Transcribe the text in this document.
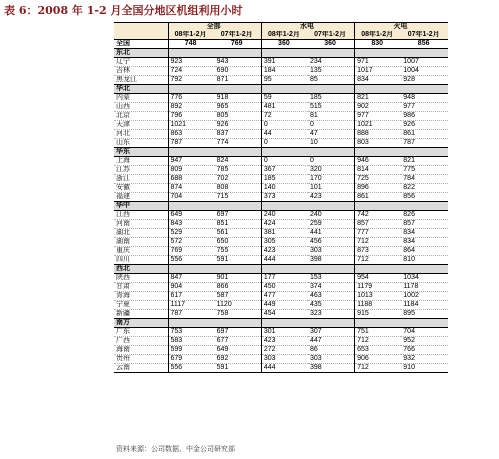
表 6：2008 年 1-2 月全国分地区机组利用小时
	全部		水电		火电	
	08年1-2月	07年1-2月	08年1-2月	07年1-2月	08年1-2月	07年1-2月
全国	748	769	360	360	830	856
东北						
辽宁	923	943	391	234	971	1007
吉林	724	690	184	135	1017	1004
黑龙江	792	871	95	85	834	928
华北						
内蒙	776	918	59	185	821	948
山西	892	965	481	515	902	977
北京	796	805	72	81	977	986
天津	1021	926	0	0	1021	926
河北	863	837	44	47	888	861
山东	787	774	0	10	803	787
华东						
上海	947	824	0	0	946	821
江苏	809	785	367	320	814	775
浙江	688	702	185	170	725	784
安徽	874	808	140	101	896	822
福建	704	715	373	423	861	856
华中						
江西	649	697	240	240	742	826
河南	843	851	424	259	857	857
湖北	529	561	381	441	777	834
湖南	572	650	305	456	712	834
重庆	769	755	423	303	873	864
四川	556	591	444	398	712	810
西北						
陕西	847	901	177	153	954	1034
甘肃	904	866	450	374	1179	1178
青海	617	587	477	463	1013	1002
宁夏	1117	1120	449	435	1188	1184
新疆	787	758	454	323	915	895
南方						
广东	753	697	301	307	751	704
广西	583	677	423	447	712	952
海南	599	649	272	86	653	766
贵州	679	692	303	303	906	932
云南	556	591	444	398	712	910
资料来源：公司数据、中金公司研究部
